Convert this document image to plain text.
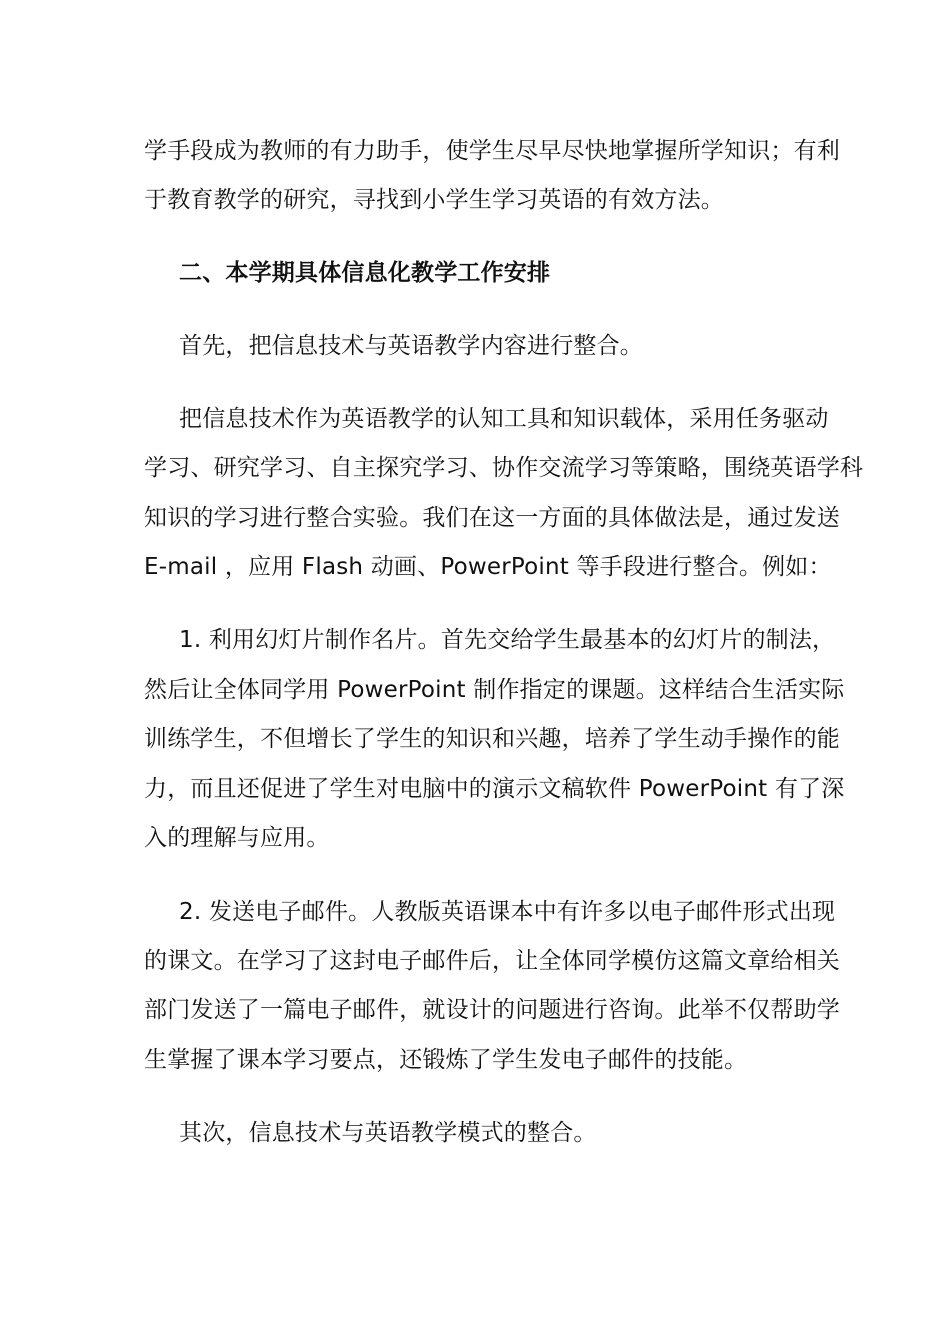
学手段成为教师的有力助手，使学生尽早尽快地掌握所学知识；有利
于教育教学的研究，寻找到小学生学习英语的有效方法。
二、本学期具体信息化教学工作安排
首先，把信息技术与英语教学内容进行整合。
把信息技术作为英语教学的认知工具和知识载体，采用任务驱动
学习、研究学习、自主探究学习、协作交流学习等策略，围绕英语学科
知识的学习进行整合实验。我们在这一方面的具体做法是，通过发送
E-mail ，应用 Flash 动画、PowerPoint 等手段进行整合。例如：
1. 利用幻灯片制作名片。首先交给学生最基本的幻灯片的制法，
然后让全体同学用 PowerPoint 制作指定的课题。这样结合生活实际
训练学生，不但增长了学生的知识和兴趣，培养了学生动手操作的能
力，而且还促进了学生对电脑中的演示文稿软件 PowerPoint 有了深
入的理解与应用。
2. 发送电子邮件。人教版英语课本中有许多以电子邮件形式出现
的课文。在学习了这封电子邮件后，让全体同学模仿这篇文章给相关
部门发送了一篇电子邮件，就设计的问题进行咨询。此举不仅帮助学
生掌握了课本学习要点，还锻炼了学生发电子邮件的技能。
其次，信息技术与英语教学模式的整合。
